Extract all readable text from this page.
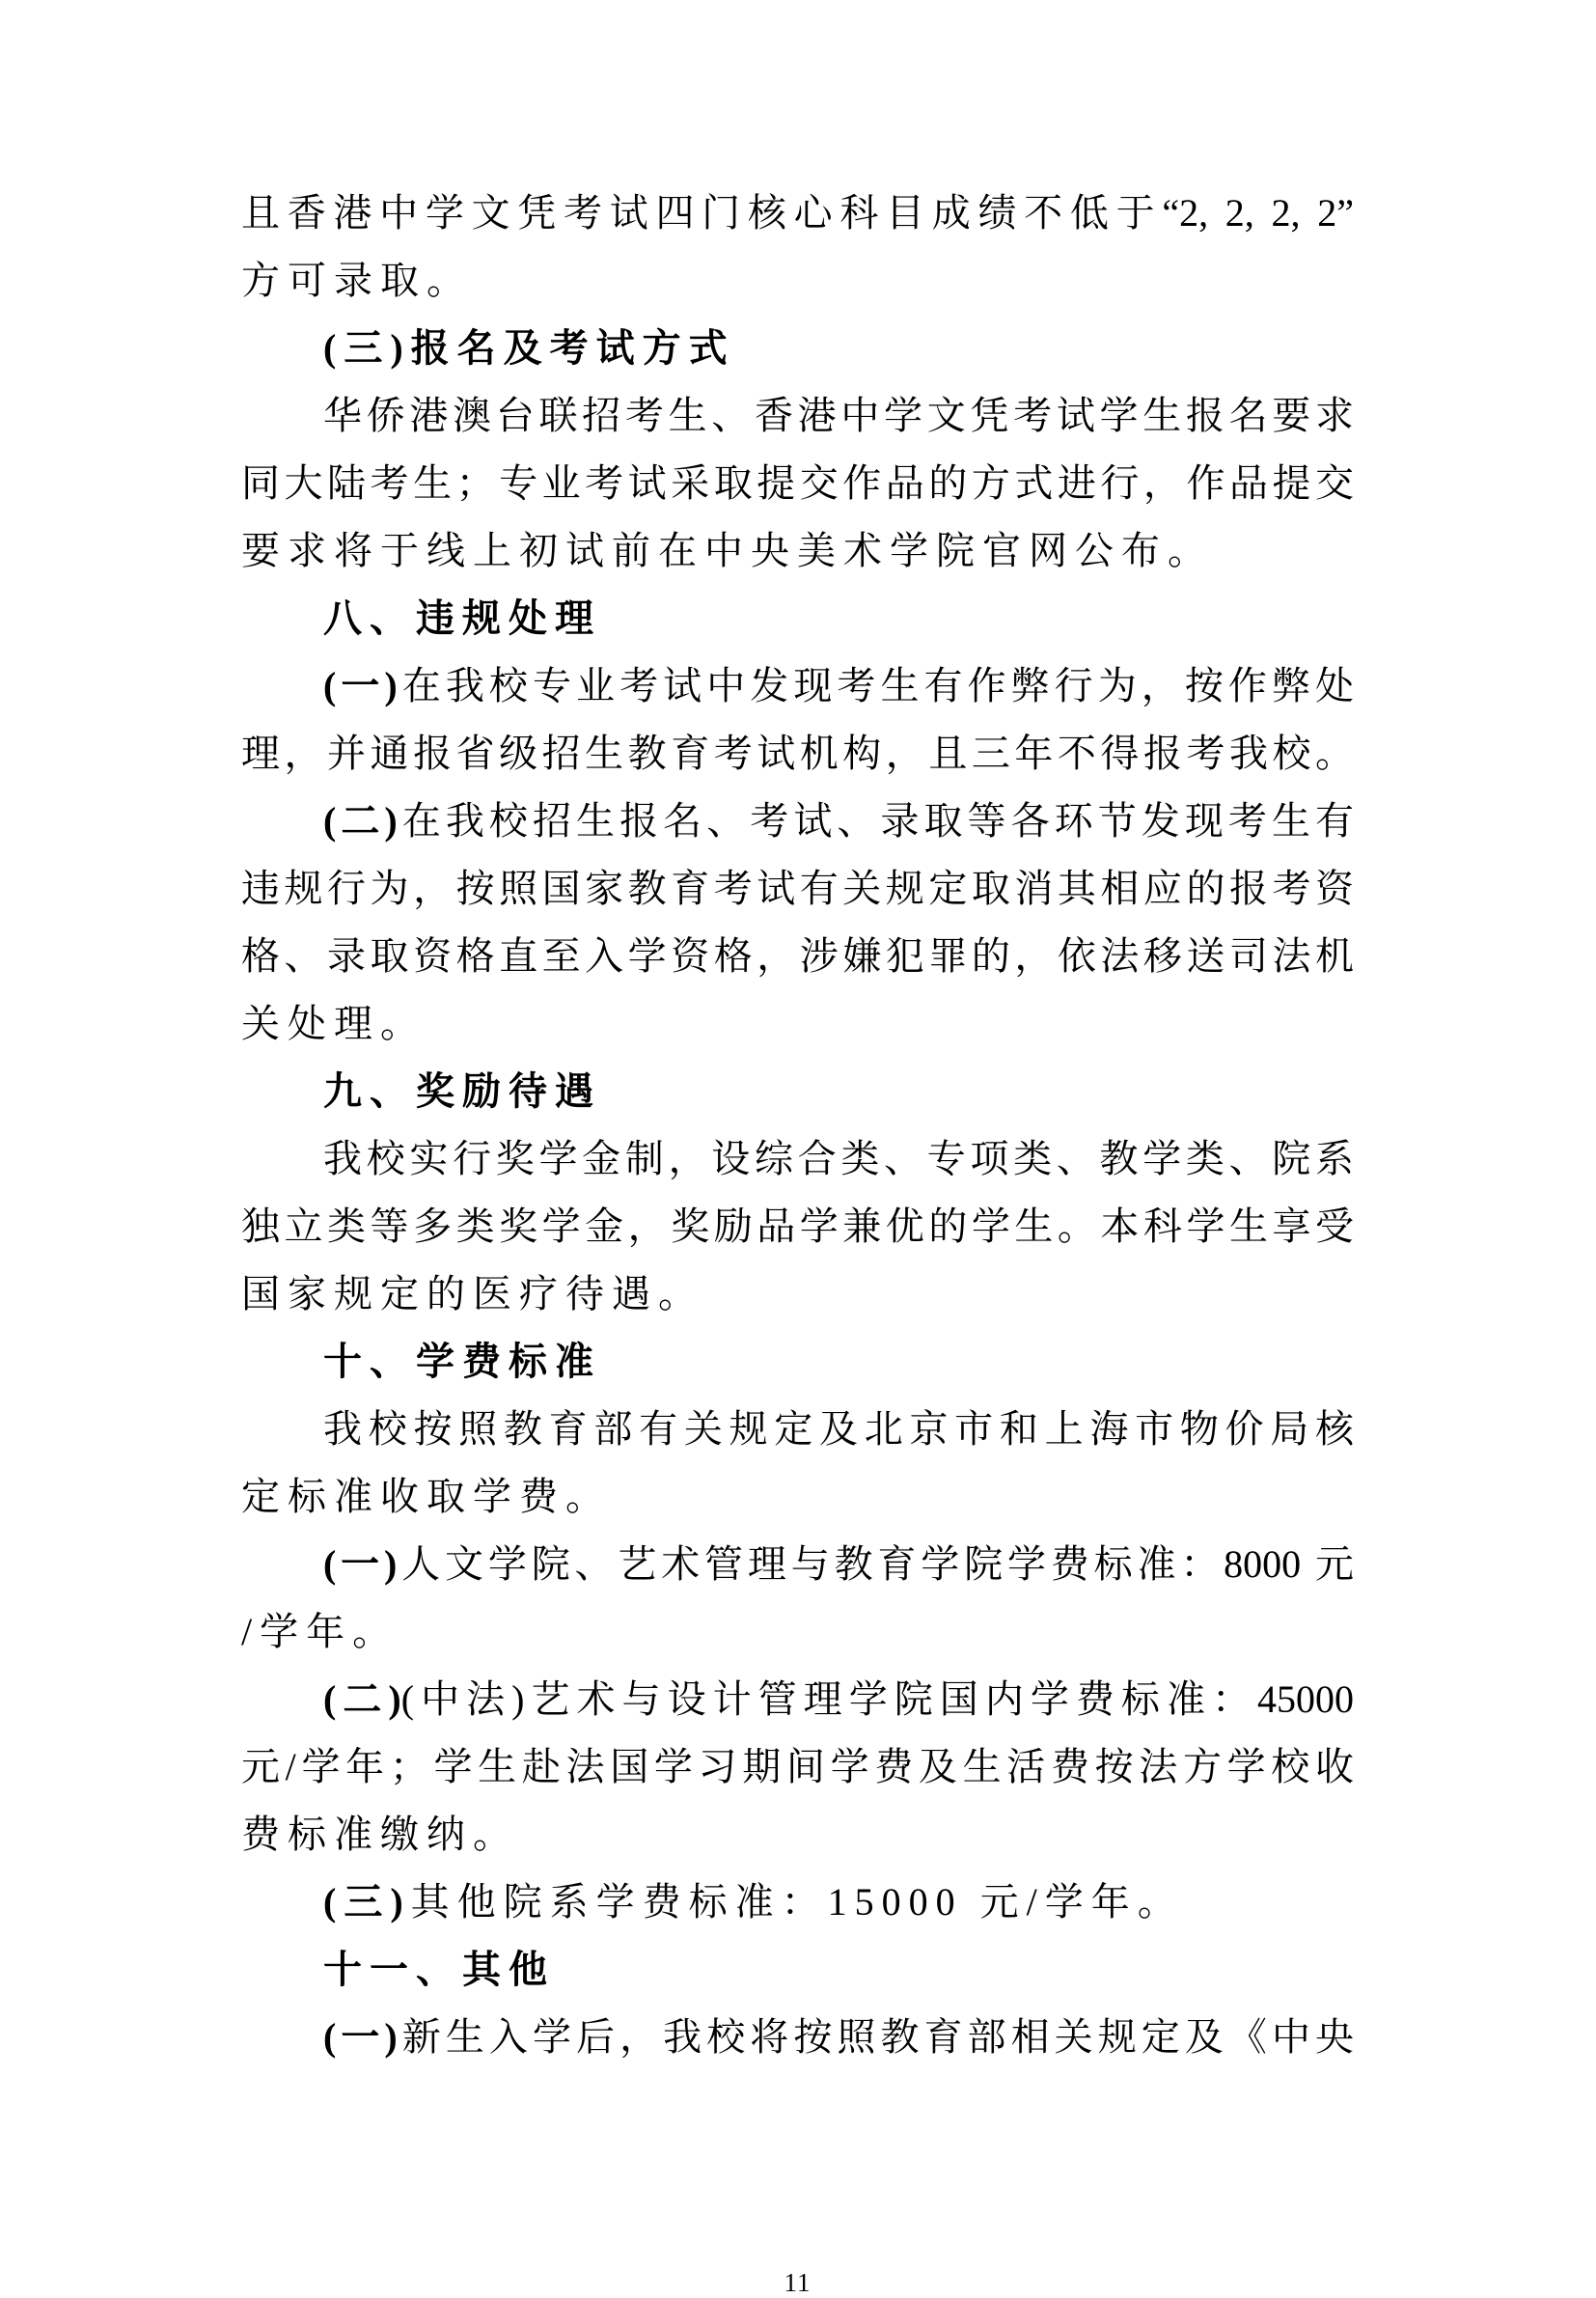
且香港中学文凭考试四门核心科目成绩不低于“2, 2, 2, 2”
方可录取。
(三)报名及考试方式
华侨港澳台联招考生、香港中学文凭考试学生报名要求
同大陆考生；专业考试采取提交作品的方式进行，作品提交
要求将于线上初试前在中央美术学院官网公布。
八、违规处理
(一)在我校专业考试中发现考生有作弊行为，按作弊处
理，并通报省级招生教育考试机构，且三年不得报考我校。
(二)在我校招生报名、考试、录取等各环节发现考生有
违规行为，按照国家教育考试有关规定取消其相应的报考资
格、录取资格直至入学资格，涉嫌犯罪的，依法移送司法机
关处理。
九、奖励待遇
我校实行奖学金制，设综合类、专项类、教学类、院系
独立类等多类奖学金，奖励品学兼优的学生。本科学生享受
国家规定的医疗待遇。
十、学费标准
我校按照教育部有关规定及北京市和上海市物价局核
定标准收取学费。
(一)人文学院、艺术管理与教育学院学费标准：8000 元
/学年。
(二)(中法)艺术与设计管理学院国内学费标准：45000
元/学年；学生赴法国学习期间学费及生活费按法方学校收
费标准缴纳。
(三)其他院系学费标准：15000 元/学年。
十一、其他
(一)新生入学后，我校将按照教育部相关规定及《中央
11
